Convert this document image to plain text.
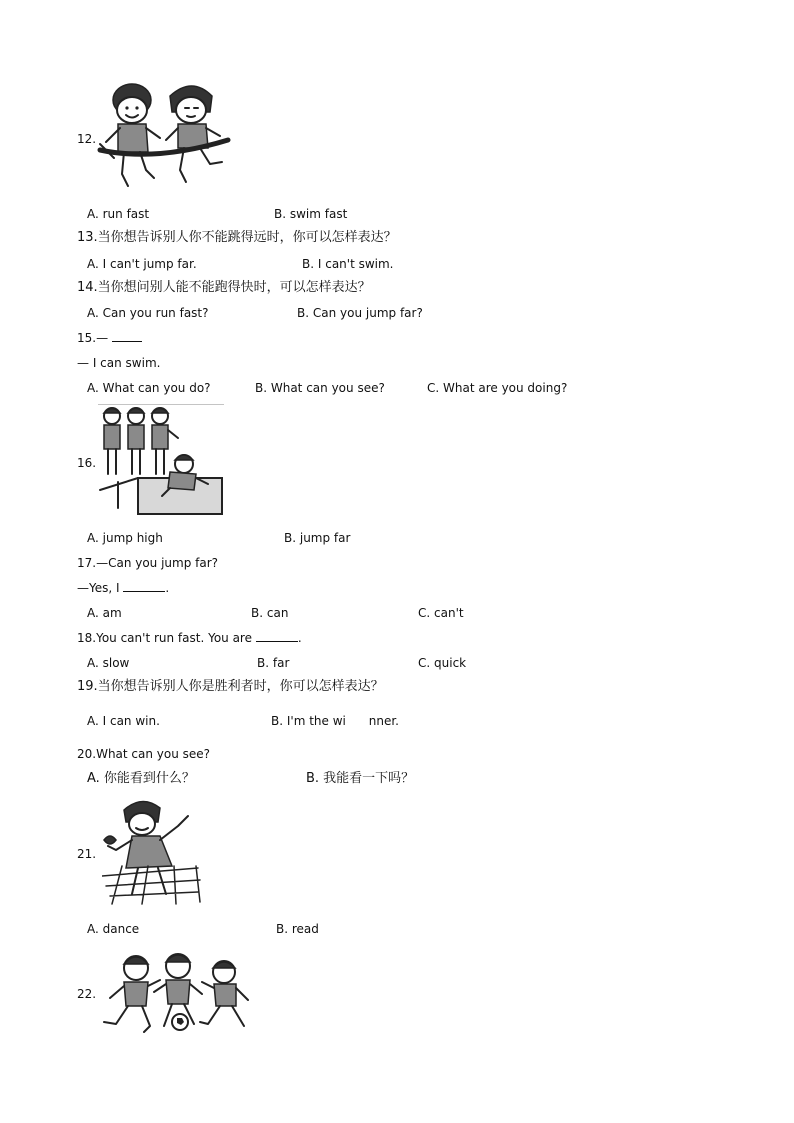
12.
A. run fast	B. swim fast
13.当你想告诉别人你不能跳得远时，你可以怎样表达？
A. I can't jump far.	B. I can't swim.
14.当你想问别人能不能跑得快时，可以怎样表达？
A. Can you run fast?	B. Can you jump far?
15.—
— I can swim.
A. What can you do?	B. What can you see?	C. What are you doing?
16.
A. jump high	B. jump far
17.—Can you jump far?
—Yes, I	.
A. am	B. can	C. can't
18.You can't run fast. You are	.
A. slow	B. far	C. quick
19.当你想告诉别人你是胜利者时，你可以怎样表达？
A. I can win.	B. I'm the wi      nner.
20.What can you see?
A. 你能看到什么？	B. 我能看一下吗？
21.
A. dance	B. read
22.
